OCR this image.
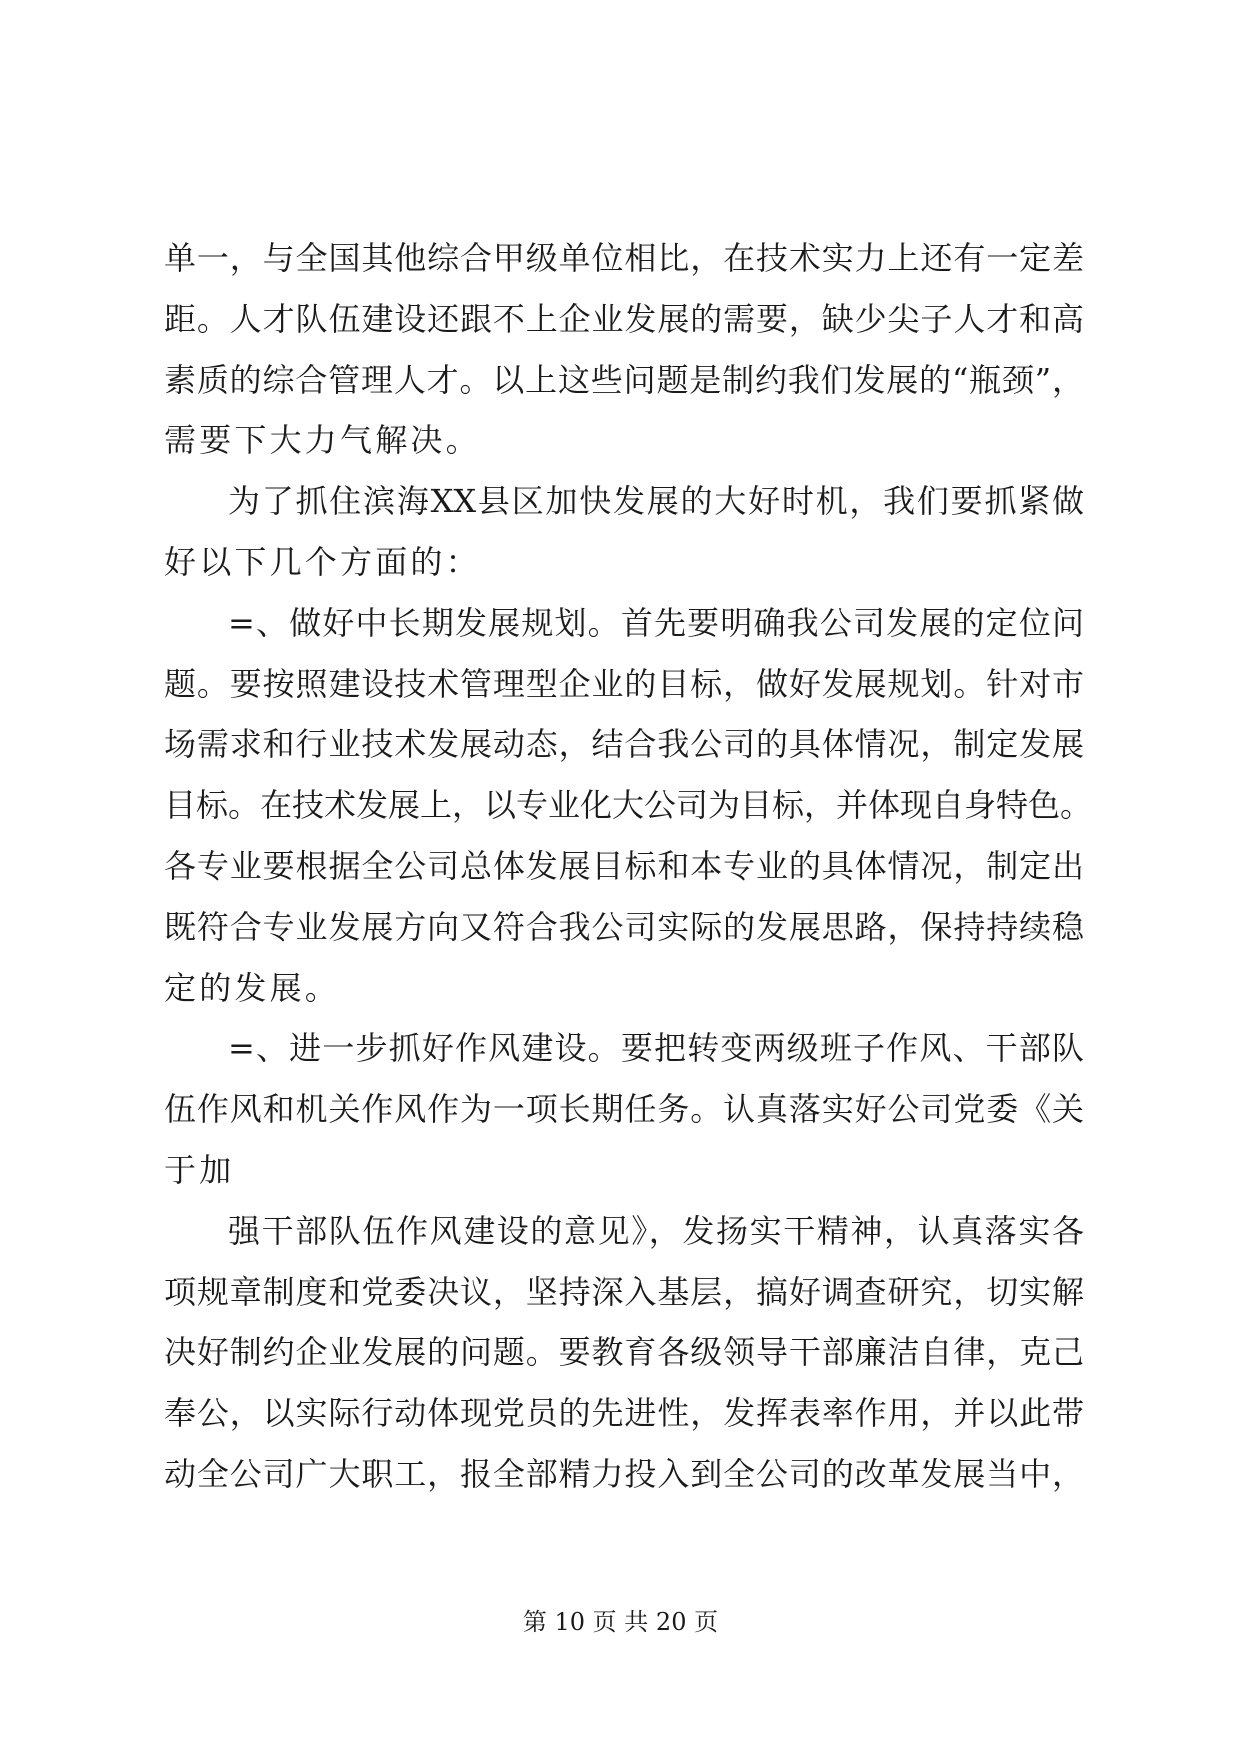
单一，与全国其他综合甲级单位相比，在技术实力上还有一定差
距。人才队伍建设还跟不上企业发展的需要，缺少尖子人才和高
素质的综合管理人才。以上这些问题是制约我们发展的“瓶颈”，
需要下大力气解决。
为了抓住滨海XX县区加快发展的大好时机，我们要抓紧做
好以下几个方面的：
=、做好中长期发展规划。首先要明确我公司发展的定位问
题。要按照建设技术管理型企业的目标，做好发展规划。针对市
场需求和行业技术发展动态，结合我公司的具体情况，制定发展
目标。在技术发展上，以专业化大公司为目标，并体现自身特色。
各专业要根据全公司总体发展目标和本专业的具体情况，制定出
既符合专业发展方向又符合我公司实际的发展思路，保持持续稳
定的发展。
=、进一步抓好作风建设。要把转变两级班子作风、干部队
伍作风和机关作风作为一项长期任务。认真落实好公司党委《关
于加
强干部队伍作风建设的意见》，发扬实干精神，认真落实各
项规章制度和党委决议，坚持深入基层，搞好调查研究，切实解
决好制约企业发展的问题。要教育各级领导干部廉洁自律，克己
奉公，以实际行动体现党员的先进性，发挥表率作用，并以此带
动全公司广大职工，报全部精力投入到全公司的改革发展当中，
第 10 页 共 20 页
